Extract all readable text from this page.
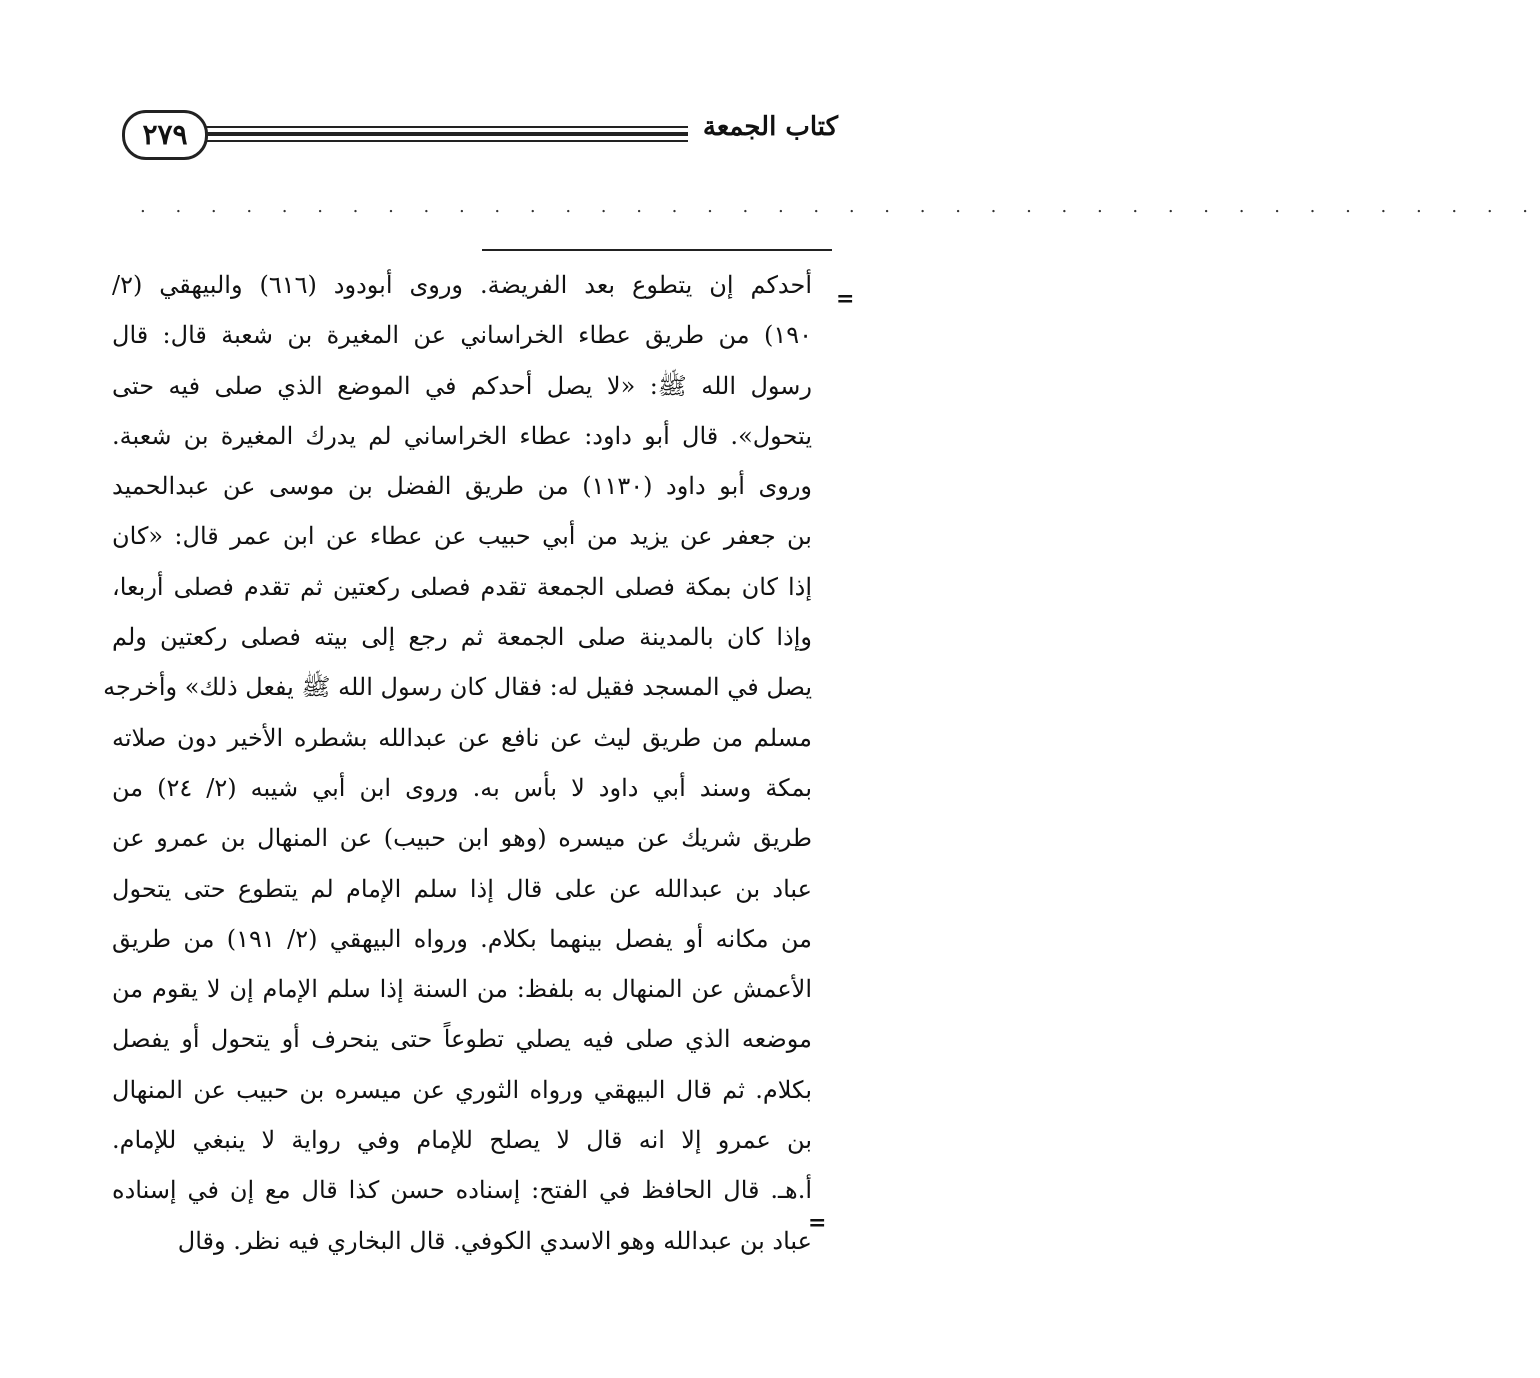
كتاب الجمعة
٢٧٩
. . . . . . . . . . . . . . . . . . . . . . . . . . . . . . . . . . . . . . . .
=
أحدكم إن يتطوع بعد الفريضة. وروى أبودود (٦١٦) والبيهقي (٢/
١٩٠) من طريق عطاء الخراساني عن المغيرة بن شعبة قال: قال
رسول الله ﷺ: «لا يصل أحدكم في الموضع الذي صلى فيه حتى
يتحول». قال أبو داود: عطاء الخراساني لم يدرك المغيرة بن شعبة.
وروى أبو داود (١١٣٠) من طريق الفضل بن موسى عن عبدالحميد
بن جعفر عن يزيد من أبي حبيب عن عطاء عن ابن عمر قال: «كان
إذا كان بمكة فصلى الجمعة تقدم فصلى ركعتين ثم تقدم فصلى أربعا،
وإذا كان بالمدينة صلى الجمعة ثم رجع إلى بيته فصلى ركعتين ولم
يصل في المسجد فقيل له: فقال كان رسول الله ﷺ يفعل ذلك» وأخرجه
مسلم من طريق ليث عن نافع عن عبدالله بشطره الأخير دون صلاته
بمكة وسند أبي داود لا بأس به. وروى ابن أبي شيبه (٢/ ٢٤) من
طريق شريك عن ميسره (وهو ابن حبيب) عن المنهال بن عمرو عن
عباد بن عبدالله عن على قال إذا سلم الإمام لم يتطوع حتى يتحول
من مكانه أو يفصل بينهما بكلام. ورواه البيهقي (٢/ ١٩١) من طريق
الأعمش عن المنهال به بلفظ: من السنة إذا سلم الإمام إن لا يقوم من
موضعه الذي صلى فيه يصلي تطوعاً حتى ينحرف أو يتحول أو يفصل
بكلام. ثم قال البيهقي ورواه الثوري عن ميسره بن حبيب عن المنهال
بن عمرو إلا انه قال لا يصلح للإمام وفي رواية لا ينبغي للإمام.
أ.هـ. قال الحافظ في الفتح: إسناده حسن كذا قال مع إن في إسناده
عباد بن عبدالله وهو الاسدي الكوفي. قال البخاري فيه نظر. وقال
=
